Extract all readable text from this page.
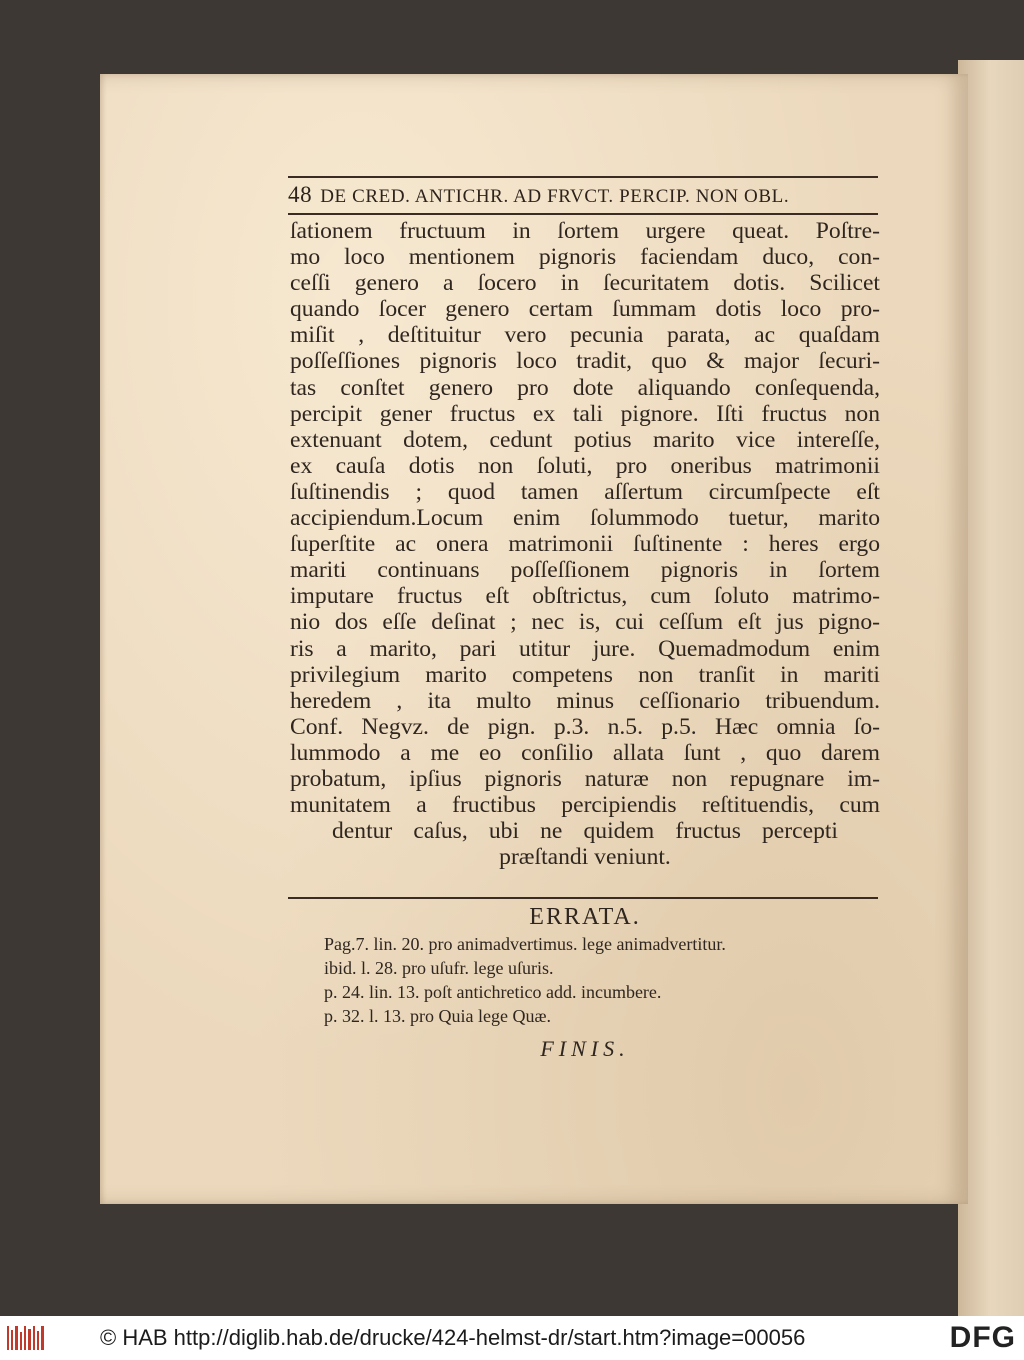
48 DE CRED. ANTICHR. AD FRVCT. PERCIP. NON OBL.
ſationem fructuum in ſortem urgere queat. Poſtre-
mo loco mentionem pignoris faciendam duco, con-
ceſſi genero a ſocero in ſecuritatem dotis. Scilicet
quando ſocer genero certam ſummam dotis loco pro-
miſit , deſtituitur vero pecunia parata, ac quaſdam
poſſeſſiones pignoris loco tradit, quo & major ſecuri-
tas conſtet genero pro dote aliquando conſequenda,
percipit gener fructus ex tali pignore. Iſti fructus non
extenuant dotem, cedunt potius marito vice intereſſe,
ex cauſa dotis non ſoluti, pro oneribus matrimonii
ſuſtinendis ; quod tamen aſſertum circumſpecte eſt
accipiendum.Locum enim ſolummodo tuetur, marito
ſuperſtite ac onera matrimonii ſuſtinente : heres ergo
mariti continuans poſſeſſionem pignoris in ſortem
imputare fructus eſt obſtrictus, cum ſoluto matrimo-
nio dos eſſe deſinat ; nec is, cui ceſſum eſt jus pigno-
ris a marito, pari utitur jure. Quemadmodum enim
privilegium marito competens non tranſit in mariti
heredem , ita multo minus ceſſionario tribuendum.
Conf. Negvz. de pign. p.3. n.5. p.5. Hæc omnia ſo-
lummodo a me eo conſilio allata ſunt , quo darem
probatum, ipſius pignoris naturæ non repugnare im-
munitatem a fructibus percipiendis reſtituendis, cum
dentur caſus, ubi ne quidem fructus percepti
præſtandi veniunt.
ERRATA.
Pag.7. lin. 20. pro animadvertimus. lege animadvertitur.
ibid. l. 28. pro uſufr. lege uſuris.
p. 24. lin. 13. poſt antichretico add. incumbere.
p. 32. l. 13. pro Quia lege Quæ.
FINIS.
© HAB http://diglib.hab.de/drucke/424-helmst-dr/start.htm?image=00056	DFG
